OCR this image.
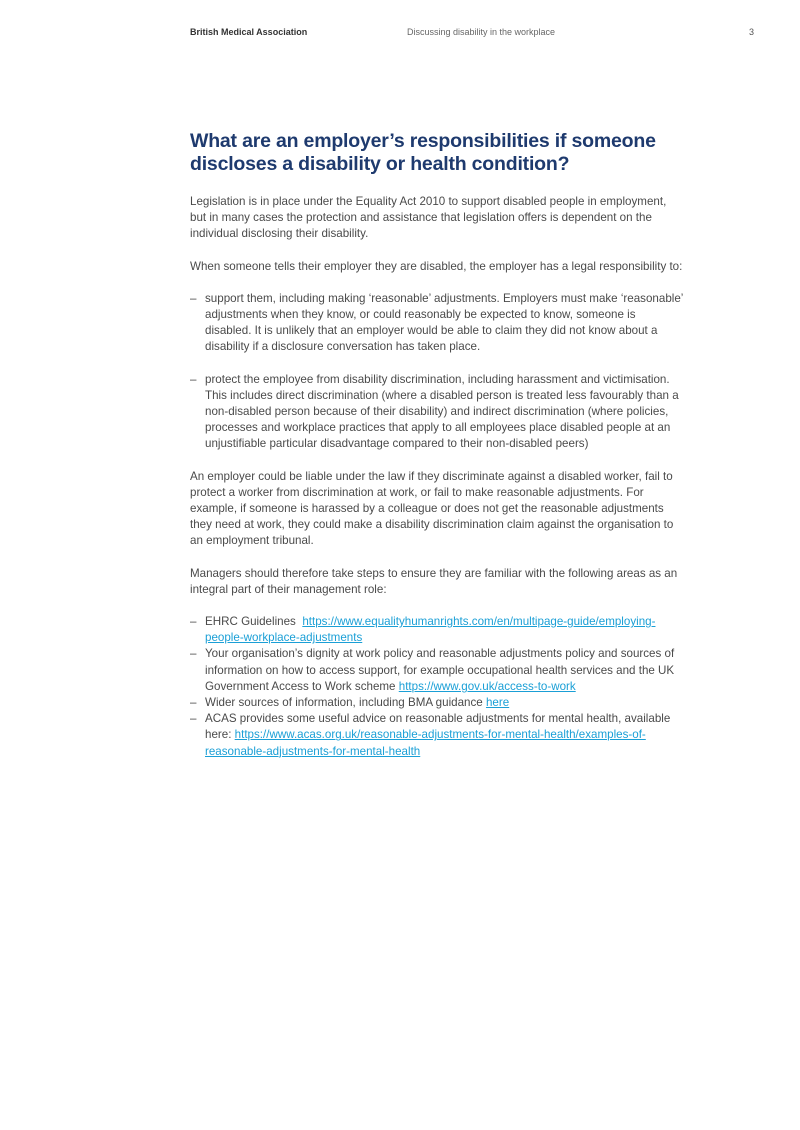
British Medical Association	Discussing disability in the workplace	3
What are an employer’s responsibilities if someone discloses a disability or health condition?

Legislation is in place under the Equality Act 2010 to support disabled people in employment, but in many cases the protection and assistance that legislation offers is dependent on the individual disclosing their disability.

When someone tells their employer they are disabled, the employer has a legal responsibility to:

– support them, including making ‘reasonable’ adjustments. Employers must make ‘reasonable’ adjustments when they know, or could reasonably be expected to know, someone is disabled. It is unlikely that an employer would be able to claim they did not know about a disability if a disclosure conversation has taken place.
– protect the employee from disability discrimination, including harassment and victimisation. This includes direct discrimination (where a disabled person is treated less favourably than a non-disabled person because of their disability) and indirect discrimination (where policies, processes and workplace practices that apply to all employees place disabled people at an unjustifiable particular disadvantage compared to their non-disabled peers)

An employer could be liable under the law if they discriminate against a disabled worker, fail to protect a worker from discrimination at work, or fail to make reasonable adjustments. For example, if someone is harassed by a colleague or does not get the reasonable adjustments they need at work, they could make a disability discrimination claim against the organisation to an employment tribunal.

Managers should therefore take steps to ensure they are familiar with the following areas as an integral part of their management role:

– EHRC Guidelines https://www.equalityhumanrights.com/en/multipage-guide/employing-people-workplace-adjustments
– Your organisation’s dignity at work policy and reasonable adjustments policy and sources of information on how to access support, for example occupational health services and the UK Government Access to Work scheme https://www.gov.uk/access-to-work
– Wider sources of information, including BMA guidance here
– ACAS provides some useful advice on reasonable adjustments for mental health, available here: https://www.acas.org.uk/reasonable-adjustments-for-mental-health/examples-of-reasonable-adjustments-for-mental-health
